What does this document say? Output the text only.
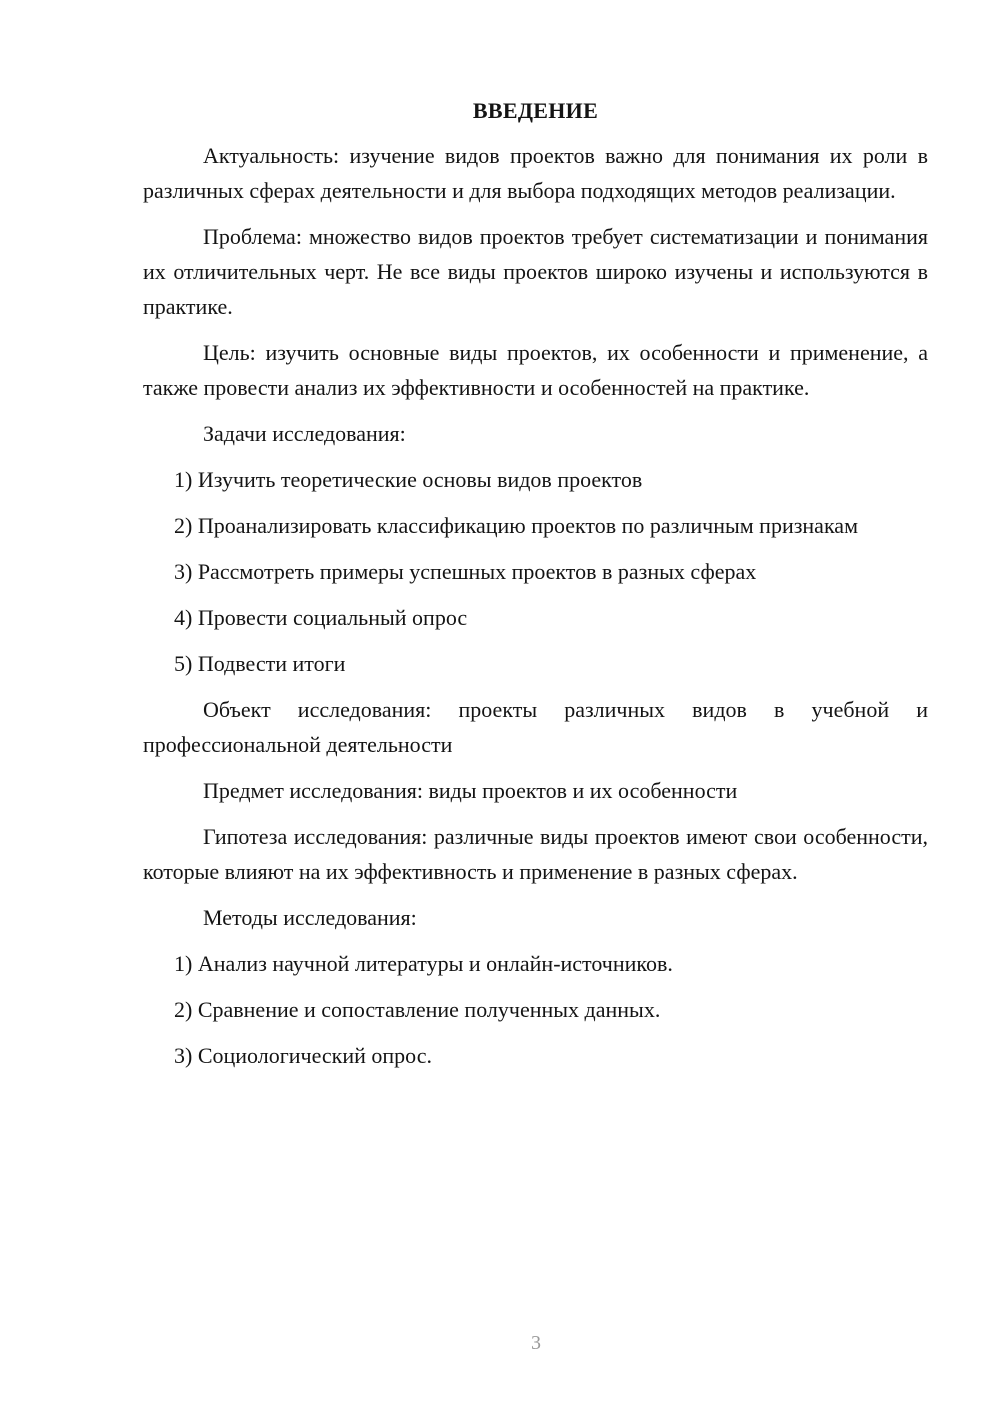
ВВЕДЕНИЕ

Актуальность: изучение видов проектов важно для понимания их роли в различных сферах деятельности и для выбора подходящих методов реализации.

Проблема: множество видов проектов требует систематизации и понимания их отличительных черт. Не все виды проектов широко изучены и используются в практике.

Цель: изучить основные виды проектов, их особенности и применение, а также провести анализ их эффективности и особенностей на практике.

Задачи исследования:

1) Изучить теоретические основы видов проектов

2) Проанализировать классификацию проектов по различным признакам

3) Рассмотреть примеры успешных проектов в разных сферах

4) Провести социальный опрос

5) Подвести итоги

Объект исследования: проекты различных видов в учебной и профессиональной деятельности

Предмет исследования: виды проектов и их особенности

Гипотеза исследования: различные виды проектов имеют свои особенности, которые влияют на их эффективность и применение в разных сферах.

Методы исследования:

1) Анализ научной литературы и онлайн-источников.

2) Сравнение и сопоставление полученных данных.

3) Социологический опрос.

3
